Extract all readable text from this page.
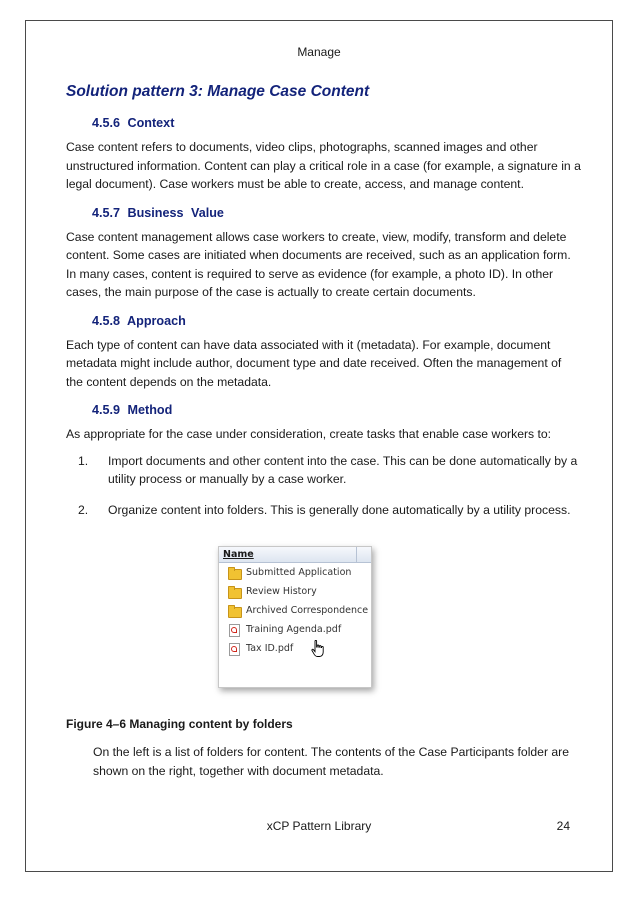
Manage
Solution pattern 3: Manage Case Content
4.5.6 Context

Case content refers to documents, video clips, photographs, scanned images and other unstructured information. Content can play a critical role in a case (for example, a signature in a legal document). Case workers must be able to create, access, and manage content.

4.5.7 Business Value

Case content management allows case workers to create, view, modify, transform and delete content. Some cases are initiated when documents are received, such as an application form. In many cases, content is required to serve as evidence (for example, a photo ID). In other cases, the main purpose of the case is actually to create certain documents.

4.5.8 Approach

Each type of content can have data associated with it (metadata). For example, document metadata might include author, document type and date received. Often the management of the content depends on the metadata.

4.5.9 Method

As appropriate for the case under consideration, create tasks that enable case workers to:

1.	Import documents and other content into the case. This can be done automatically by a utility process or manually by a case worker.
2.	Organize content into folders. This is generally done automatically by a utility process.
Name
Submitted Application
Review History
Archived Correspondence
Training Agenda.pdf
Tax ID.pdf

Figure 4–6 Managing content by folders

On the left is a list of folders for content. The contents of the Case Participants folder are shown on the right, together with document metadata.

xCP Pattern Library	24
